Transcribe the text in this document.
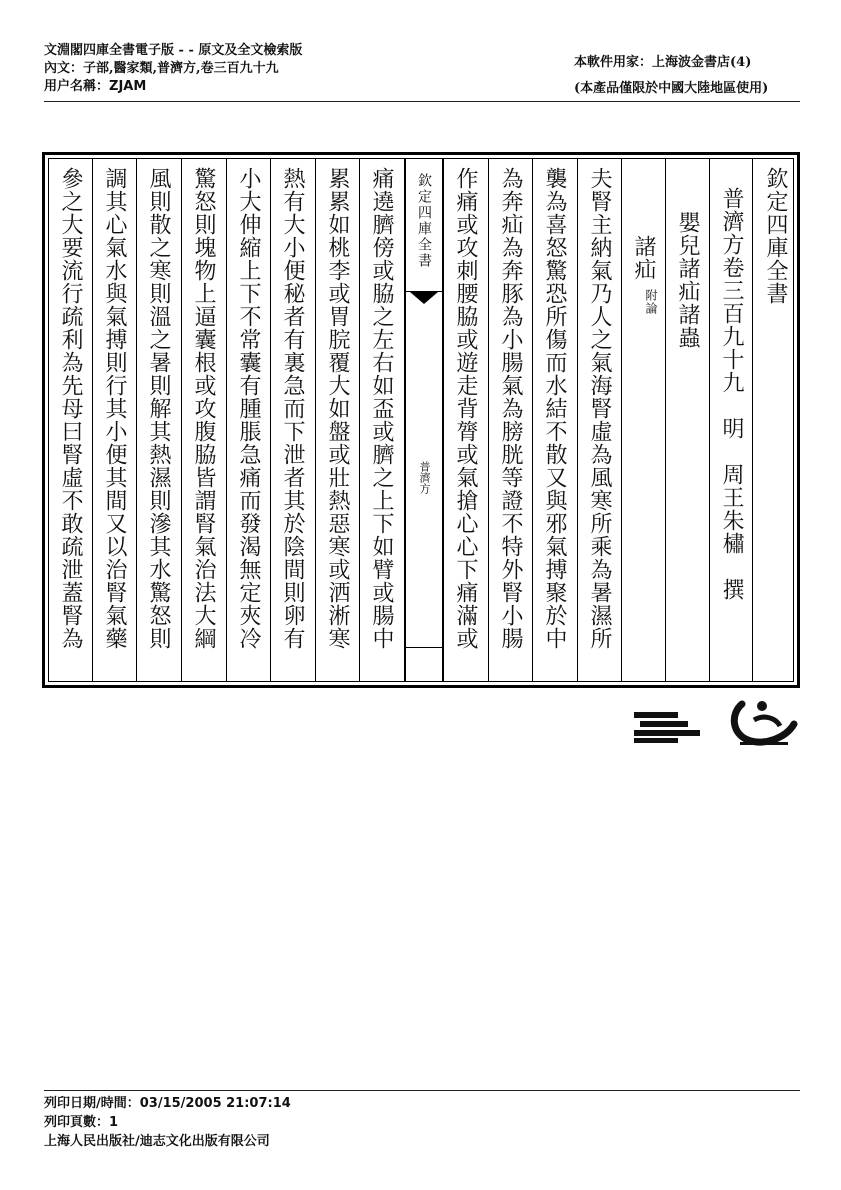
文淵閣四庫全書電子版 - - 原文及全文檢索版
內文：子部,醫家類,普濟方,卷三百九十九
用户名稱：ZJAM
本軟件用家：上海波金書店(4)
(本產品僅限於中國大陸地區使用)
參之大要流行疏利為先母曰腎虛不敢疏泄蓋腎為 調其心氣水與氣搏則行其小便其間又以治腎氣藥 風則散之寒則溫之暑則解其熱濕則滲其水驚怒則 驚怒則塊物上逼囊根或攻腹脇皆謂腎氣治法大綱 小大伸縮上下不常囊有腫脹急痛而發渴無定夾冷 熱有大小便秘者有裏急而下泄者其於陰間則卵有 累累如桃李或胃脘覆大如盤或壯熱惡寒或洒淅寒 痛遶臍傍或脇之左右如盃或臍之上下如臂或腸中	欽定四庫全書
普濟方 作痛或攻刺腰脇或遊走背膂或氣搶心心下痛滿或 為奔疝為奔豚為小腸氣為膀胱等證不特外腎小腸 襲為喜怒驚恐所傷而水結不散又與邪氣搏聚於中 夫腎主納氣乃人之氣海腎虛為風寒所乘為暑濕所 諸疝
附論 嬰兒諸疝諸蟲 普濟方卷三百九十九　明　周王朱橚　撰 欽定四庫全書
列印日期/時間：03/15/2005 21:07:14
列印頁數：1
上海人民出版社/迪志文化出版有限公司
